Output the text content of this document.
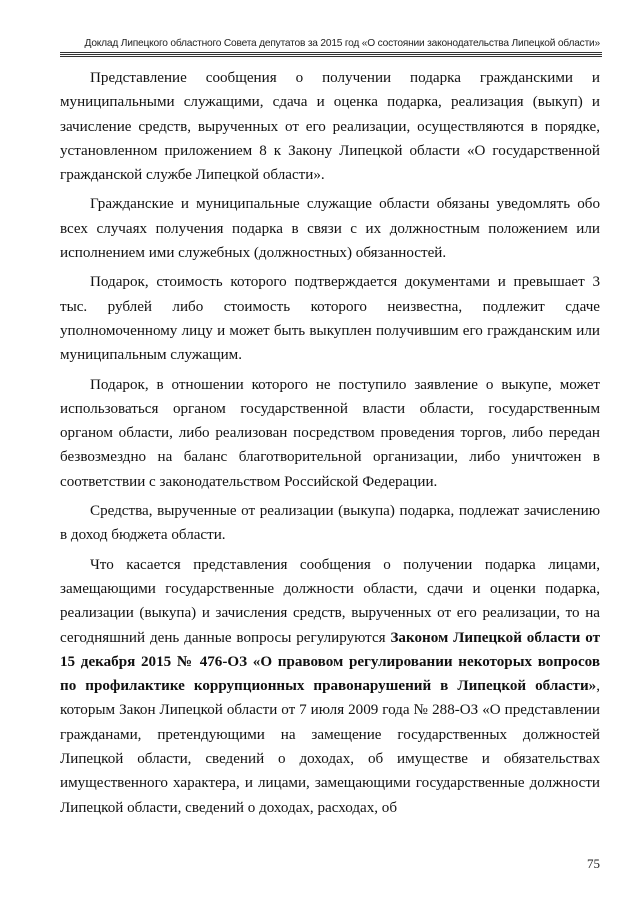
Доклад Липецкого областного Совета депутатов за 2015 год «О состоянии законодательства Липецкой области»

Представление сообщения о получении подарка гражданскими и муниципальными служащими, сдача и оценка подарка, реализация (выкуп) и зачисление средств, вырученных от его реализации, осуществляются в порядке, установленном приложением 8 к Закону Липецкой области «О государственной гражданской службе Липецкой области».

Гражданские и муниципальные служащие области обязаны уведомлять обо всех случаях получения подарка в связи с их должностным положением или исполнением ими служебных (должностных) обязанностей.

Подарок, стоимость которого подтверждается документами и превышает 3 тыс. рублей либо стоимость которого неизвестна, подлежит сдаче уполномоченному лицу и может быть выкуплен получившим его гражданским или муниципальным служащим.

Подарок, в отношении которого не поступило заявление о выкупе, может использоваться органом государственной власти области, государственным органом области, либо реализован посредством проведения торгов, либо передан безвозмездно на баланс благотворительной организации, либо уничтожен в соответствии с законодательством Российской Федерации.

Средства, вырученные от реализации (выкупа) подарка, подлежат зачислению в доход бюджета области.

Что касается представления сообщения о получении подарка лицами, замещающими государственные должности области, сдачи и оценки подарка, реализации (выкупа) и зачисления средств, вырученных от его реализации, то на сегодняшний день данные вопросы регулируются Законом Липецкой области от 15 декабря 2015 № 476-ОЗ «О правовом регулировании некоторых вопросов по профилактике коррупционных правонарушений в Липецкой области», которым Закон Липецкой области от 7 июля 2009 года № 288-ОЗ «О представлении гражданами, претендующими на замещение государственных должностей Липецкой области, сведений о доходах, об имуществе и обязательствах имущественного характера, и лицами, замещающими государственные должности Липецкой области, сведений о доходах, расходах, об

75
